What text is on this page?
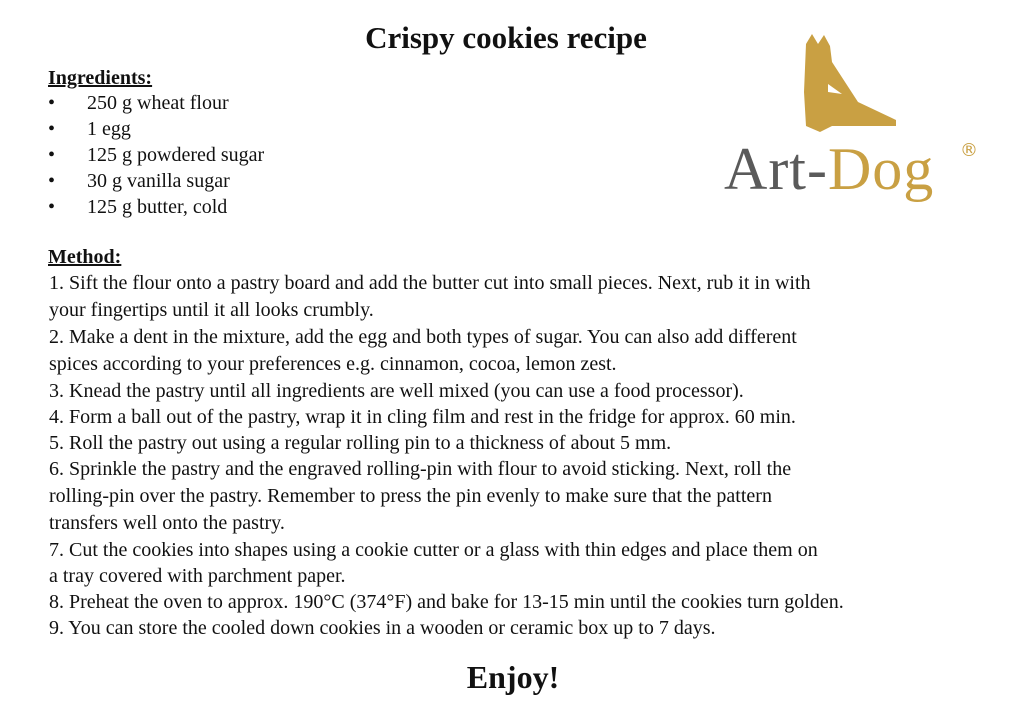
Crispy cookies recipe
Art-Dog ®
Ingredients:
• 250 g wheat flour
• 1 egg
• 125 g powdered sugar
• 30 g vanilla sugar
• 125 g butter, cold
Method:
1. Sift the flour onto a pastry board and add the butter cut into small pieces. Next, rub it in with
your fingertips until it all looks crumbly.
2. Make a dent in the mixture, add the egg and both types of sugar. You can also add different
spices according to your preferences e.g. cinnamon, cocoa, lemon zest.
3. Knead the pastry until all ingredients are well mixed (you can use a food processor).
4. Form a ball out of the pastry, wrap it in cling film and rest in the fridge for approx. 60 min.
5. Roll the pastry out using a regular rolling pin to a thickness of about 5 mm.
6. Sprinkle the pastry and the engraved rolling-pin with flour to avoid sticking. Next, roll the
rolling-pin over the pastry. Remember to press the pin evenly to make sure that the pattern
transfers well onto the pastry.
7. Cut the cookies into shapes using a cookie cutter or a glass with thin edges and place them on
a tray covered with parchment paper.
8. Preheat the oven to approx. 190°C (374°F) and bake for 13-15 min until the cookies turn golden.
9. You can store the cooled down cookies in a wooden or ceramic box up to 7 days.
Enjoy!
